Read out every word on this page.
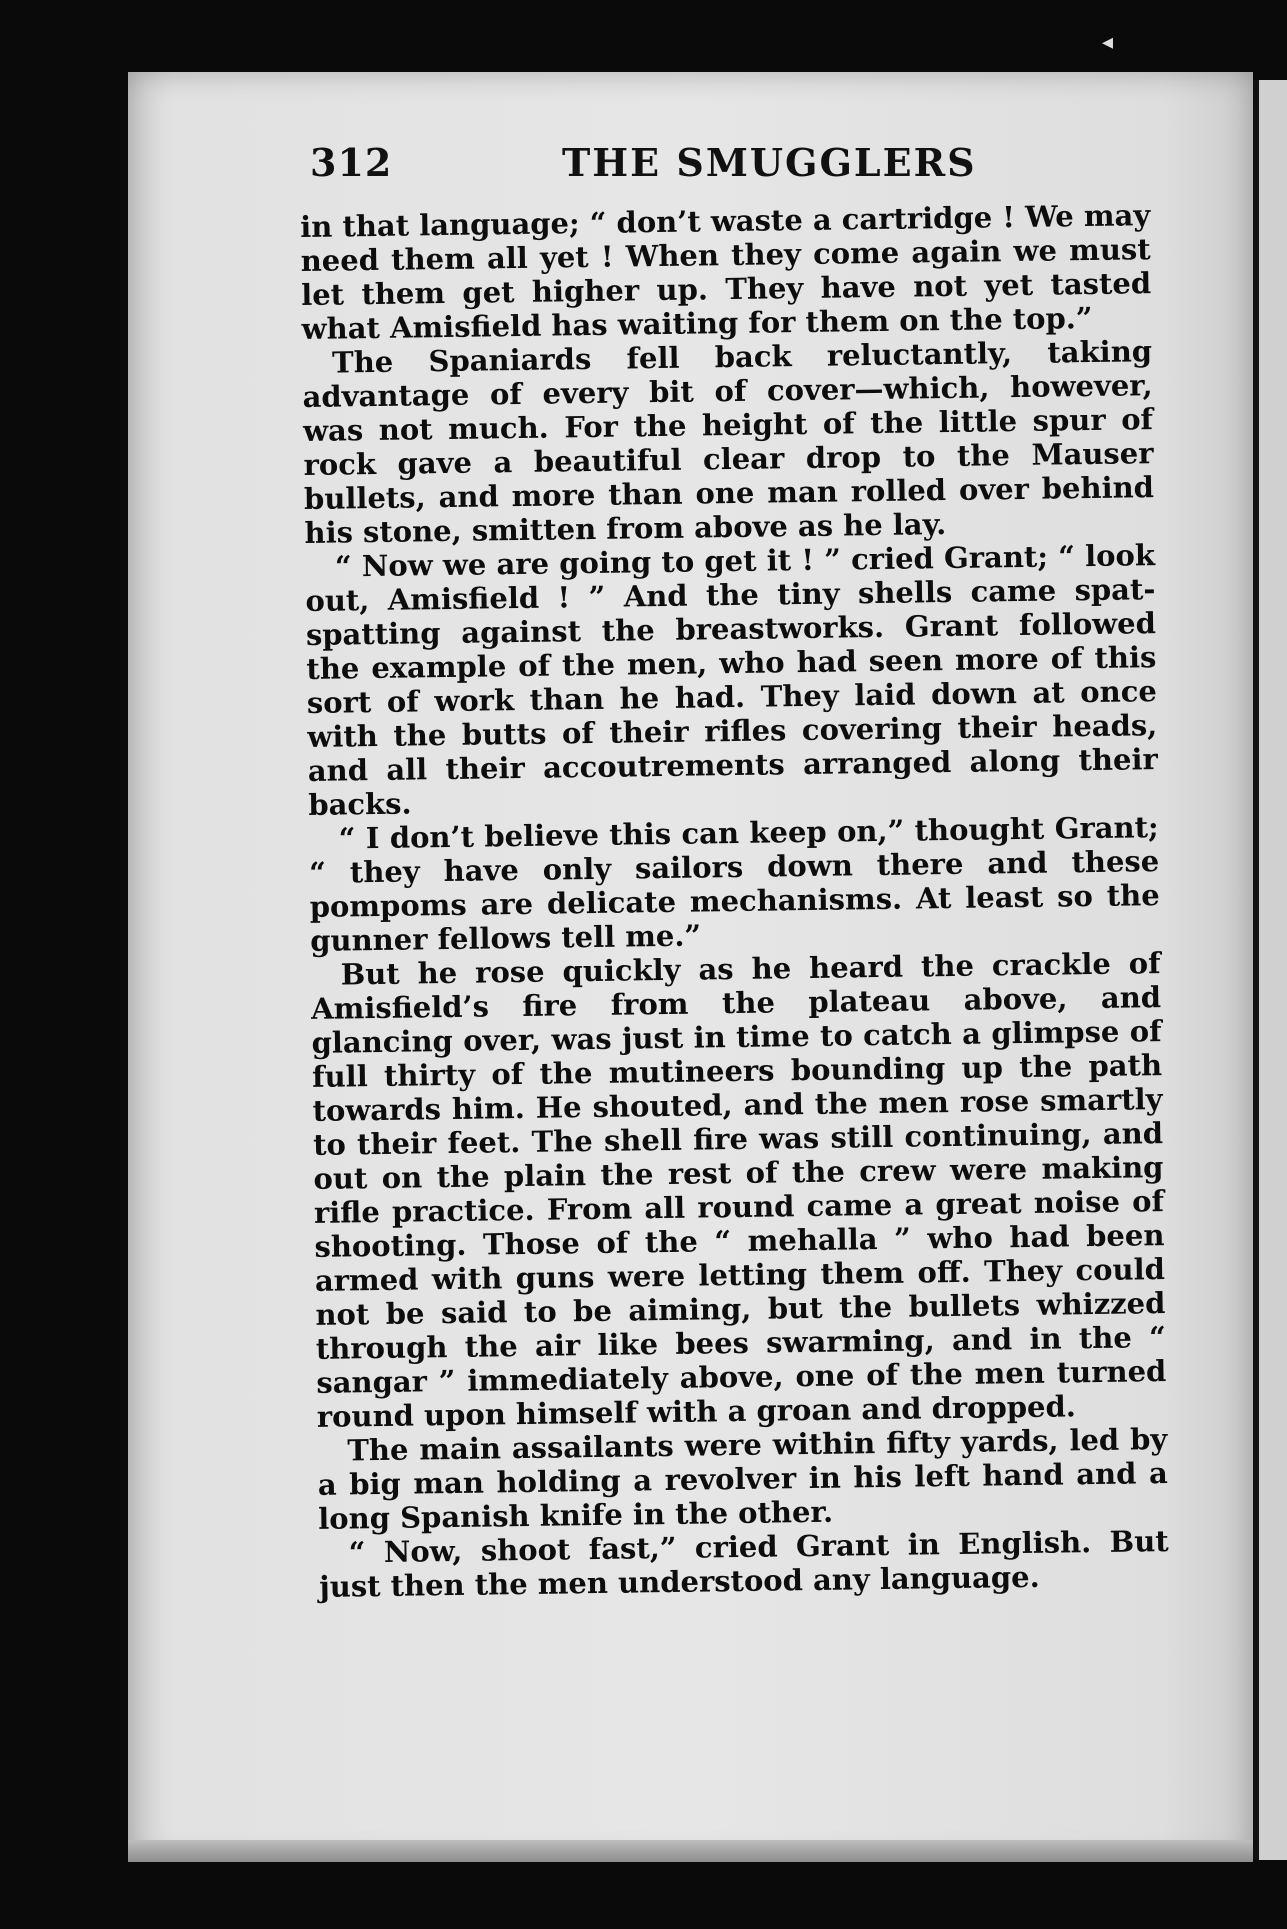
◂
312	THE SMUGGLERS

in that language; “ don’t waste a cartridge ! We may need them all yet ! When they come again we must let them get higher up. They have not yet tasted what Amisfield has waiting for them on the top.”

The Spaniards fell back reluctantly, taking advantage of every bit of cover—which, however, was not much. For the height of the little spur of rock gave a beautiful clear drop to the Mauser bullets, and more than one man rolled over behind his stone, smitten from above as he lay.

“ Now we are going to get it ! ” cried Grant; “ look out, Amisfield ! ” And the tiny shells came spat-spatting against the breastworks. Grant followed the example of the men, who had seen more of this sort of work than he had. They laid down at once with the butts of their rifles covering their heads, and all their accoutrements arranged along their backs.

“ I don’t believe this can keep on,” thought Grant; “ they have only sailors down there and these pompoms are delicate mechanisms. At least so the gunner fellows tell me.”

But he rose quickly as he heard the crackle of Amisfield’s fire from the plateau above, and glancing over, was just in time to catch a glimpse of full thirty of the mutineers bounding up the path towards him. He shouted, and the men rose smartly to their feet. The shell fire was still continuing, and out on the plain the rest of the crew were making rifle practice. From all round came a great noise of shooting. Those of the “ mehalla ” who had been armed with guns were letting them off. They could not be said to be aiming, but the bullets whizzed through the air like bees swarming, and in the “ sangar ” immediately above, one of the men turned round upon himself with a groan and dropped.

The main assailants were within fifty yards, led by a big man holding a revolver in his left hand and a long Spanish knife in the other.

“ Now, shoot fast,” cried Grant in English. But just then the men understood any language.
